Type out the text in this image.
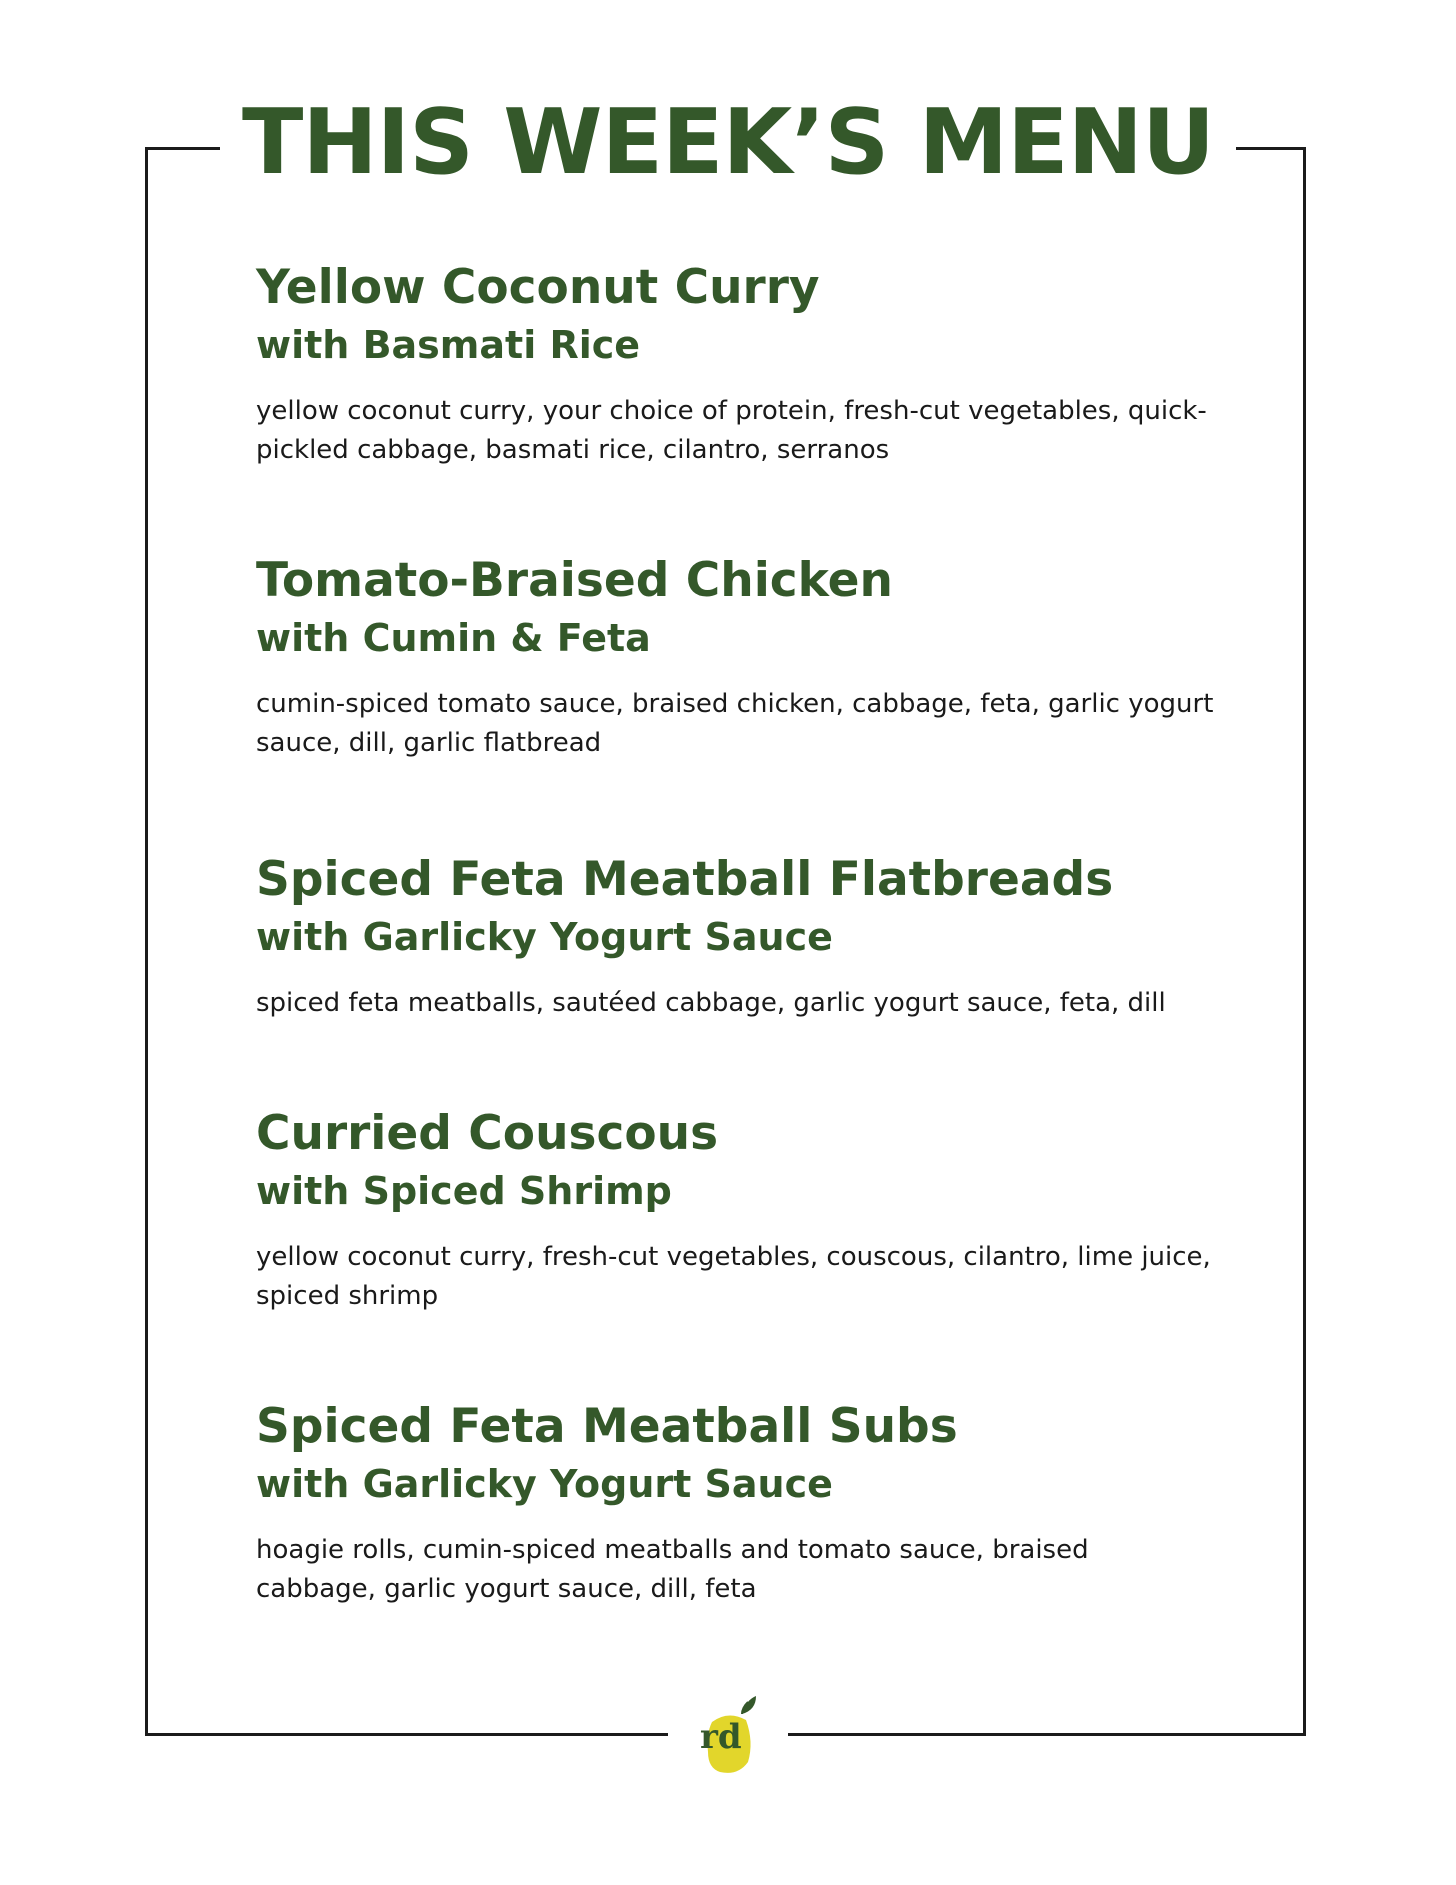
THIS WEEK’S MENU
Yellow Coconut Curry
with Basmati Rice
yellow coconut curry, your choice of protein, fresh-cut vegetables, quick-pickled cabbage, basmati rice, cilantro, serranos
Tomato-Braised Chicken
with Cumin & Feta
cumin-spiced tomato sauce, braised chicken, cabbage, feta, garlic yogurt sauce, dill, garlic flatbread
Spiced Feta Meatball Flatbreads
with Garlicky Yogurt Sauce
spiced feta meatballs, sautéed cabbage, garlic yogurt sauce, feta, dill
Curried Couscous
with Spiced Shrimp
yellow coconut curry, fresh-cut vegetables, couscous, cilantro, lime juice, spiced shrimp
Spiced Feta Meatball Subs
with Garlicky Yogurt Sauce
hoagie rolls, cumin-spiced meatballs and tomato sauce, braised cabbage, garlic yogurt sauce, dill, feta
rd
